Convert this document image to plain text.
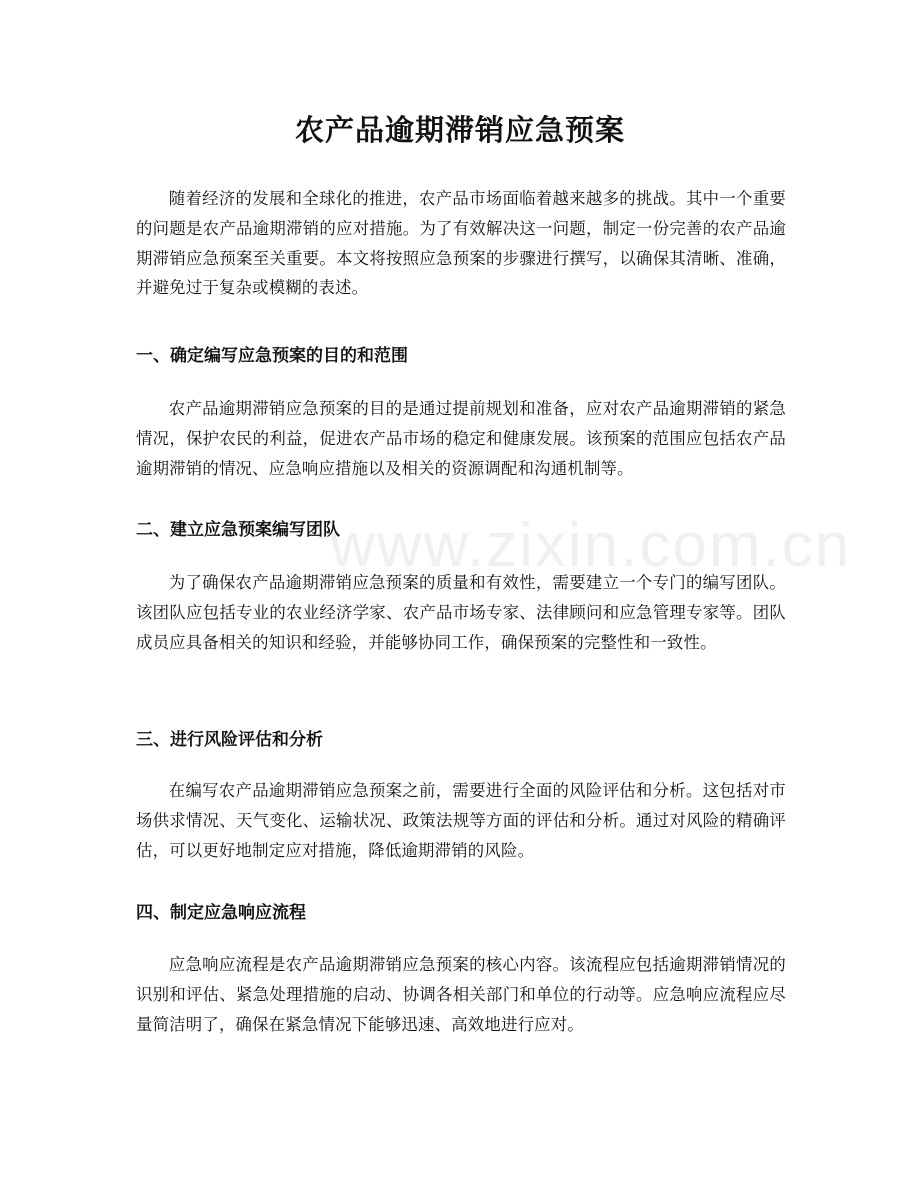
www.zixin.com.cn
农产品逾期滞销应急预案

随着经济的发展和全球化的推进，农产品市场面临着越来越多的挑战。其中一个重要的问题是农产品逾期滞销的应对措施。为了有效解决这一问题，制定一份完善的农产品逾期滞销应急预案至关重要。本文将按照应急预案的步骤进行撰写，以确保其清晰、准确，并避免过于复杂或模糊的表述。

一、确定编写应急预案的目的和范围

农产品逾期滞销应急预案的目的是通过提前规划和准备，应对农产品逾期滞销的紧急情况，保护农民的利益，促进农产品市场的稳定和健康发展。该预案的范围应包括农产品逾期滞销的情况、应急响应措施以及相关的资源调配和沟通机制等。

二、建立应急预案编写团队

为了确保农产品逾期滞销应急预案的质量和有效性，需要建立一个专门的编写团队。该团队应包括专业的农业经济学家、农产品市场专家、法律顾问和应急管理专家等。团队成员应具备相关的知识和经验，并能够协同工作，确保预案的完整性和一致性。

三、进行风险评估和分析

在编写农产品逾期滞销应急预案之前，需要进行全面的风险评估和分析。这包括对市场供求情况、天气变化、运输状况、政策法规等方面的评估和分析。通过对风险的精确评估，可以更好地制定应对措施，降低逾期滞销的风险。

四、制定应急响应流程

应急响应流程是农产品逾期滞销应急预案的核心内容。该流程应包括逾期滞销情况的识别和评估、紧急处理措施的启动、协调各相关部门和单位的行动等。应急响应流程应尽量简洁明了，确保在紧急情况下能够迅速、高效地进行应对。
